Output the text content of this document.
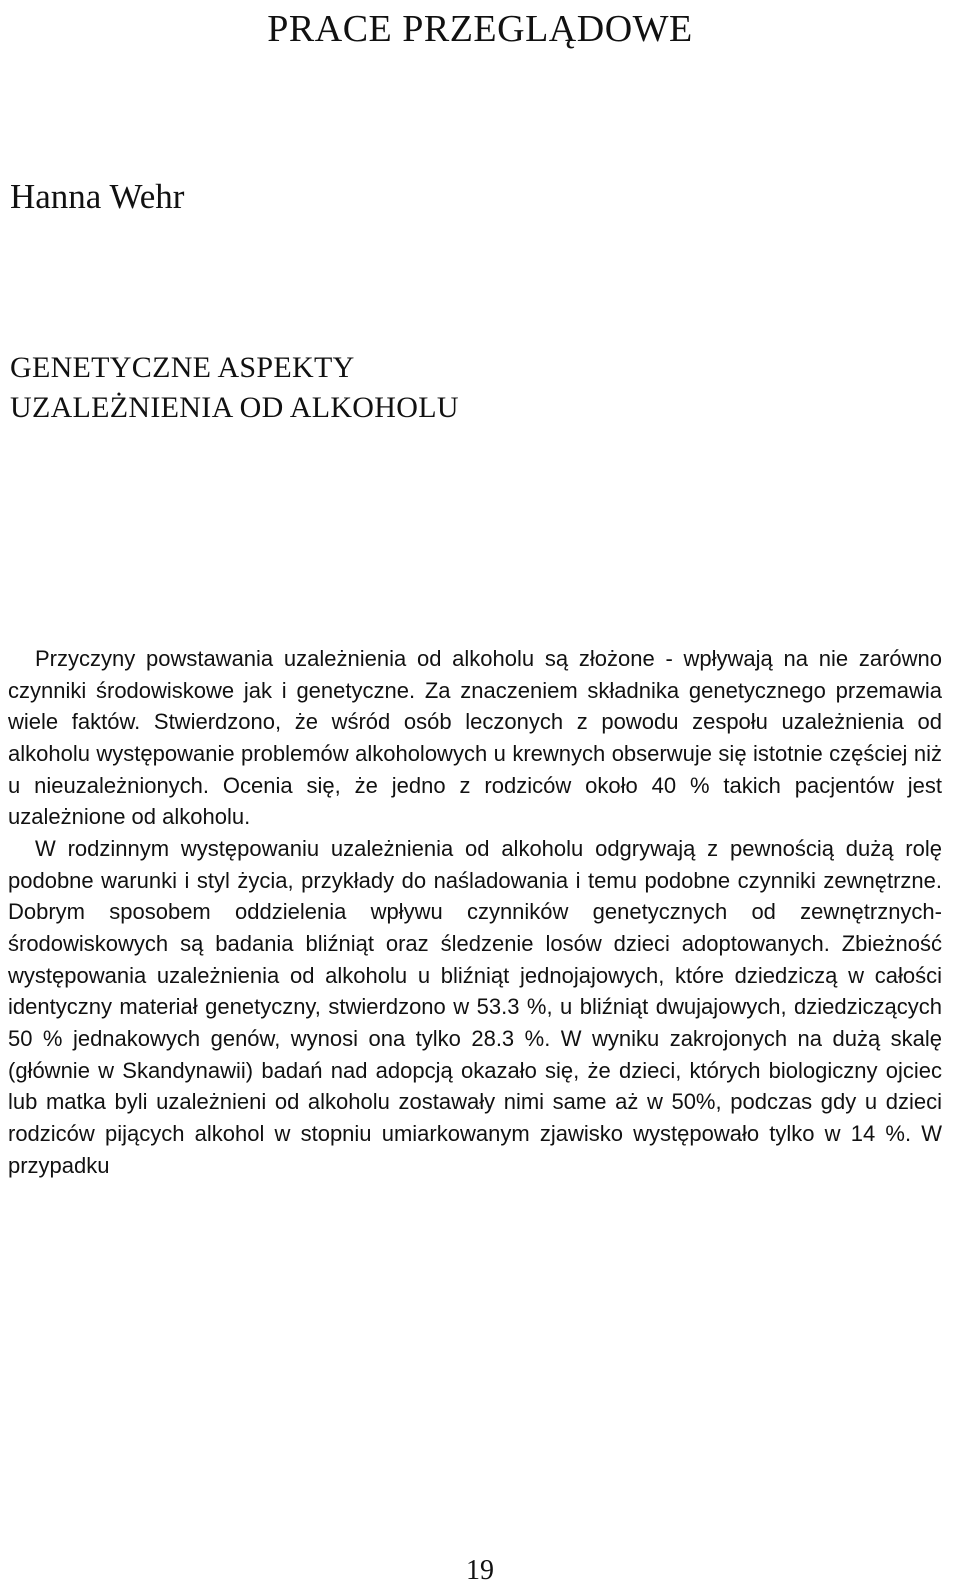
PRACE PRZEGLĄDOWE
Hanna Wehr
GENETYCZNE ASPEKTY
UZALEŻNIENIA OD ALKOHOLU

Przyczyny powstawania uzależnienia od alkoholu są złożone - wpływają na nie zarówno czynniki środowiskowe jak i genetyczne. Za znaczeniem składnika genetycznego przemawia wiele faktów. Stwierdzono, że wśród osób leczonych z powodu zespołu uzależnienia od alkoholu występowanie problemów alkoholowych u krewnych obserwuje się istotnie częściej niż u nieuzależnionych. Ocenia się, że jedno z rodziców około 40 % takich pacjentów jest uzależnione od alkoholu.

W rodzinnym występowaniu uzależnienia od alkoholu odgrywają z pewnością dużą rolę podobne warunki i styl życia, przykłady do naśladowania i temu podobne czynniki zewnętrzne. Dobrym sposobem oddzielenia wpływu czynników genetycznych od zewnętrznych-środowiskowych są badania bliźniąt oraz śledzenie losów dzieci adoptowanych. Zbieżność występowania uzależnienia od alkoholu u bliźniąt jednojajowych, które dziedziczą w całości identyczny materiał genetyczny, stwierdzono w 53.3 %, u bliźniąt dwujajowych, dziedziczących 50 % jednakowych genów, wynosi ona tylko 28.3 %. W wyniku zakrojonych na dużą skalę (głównie w Skandynawii) badań nad adopcją okazało się, że dzieci, których biologiczny ojciec lub matka byli uzależnieni od alkoholu zostawały nimi same aż w 50%, podczas gdy u dzieci rodziców pijących alkohol w stopniu umiarkowanym zjawisko występowało tylko w 14 %. W przypadku

19
